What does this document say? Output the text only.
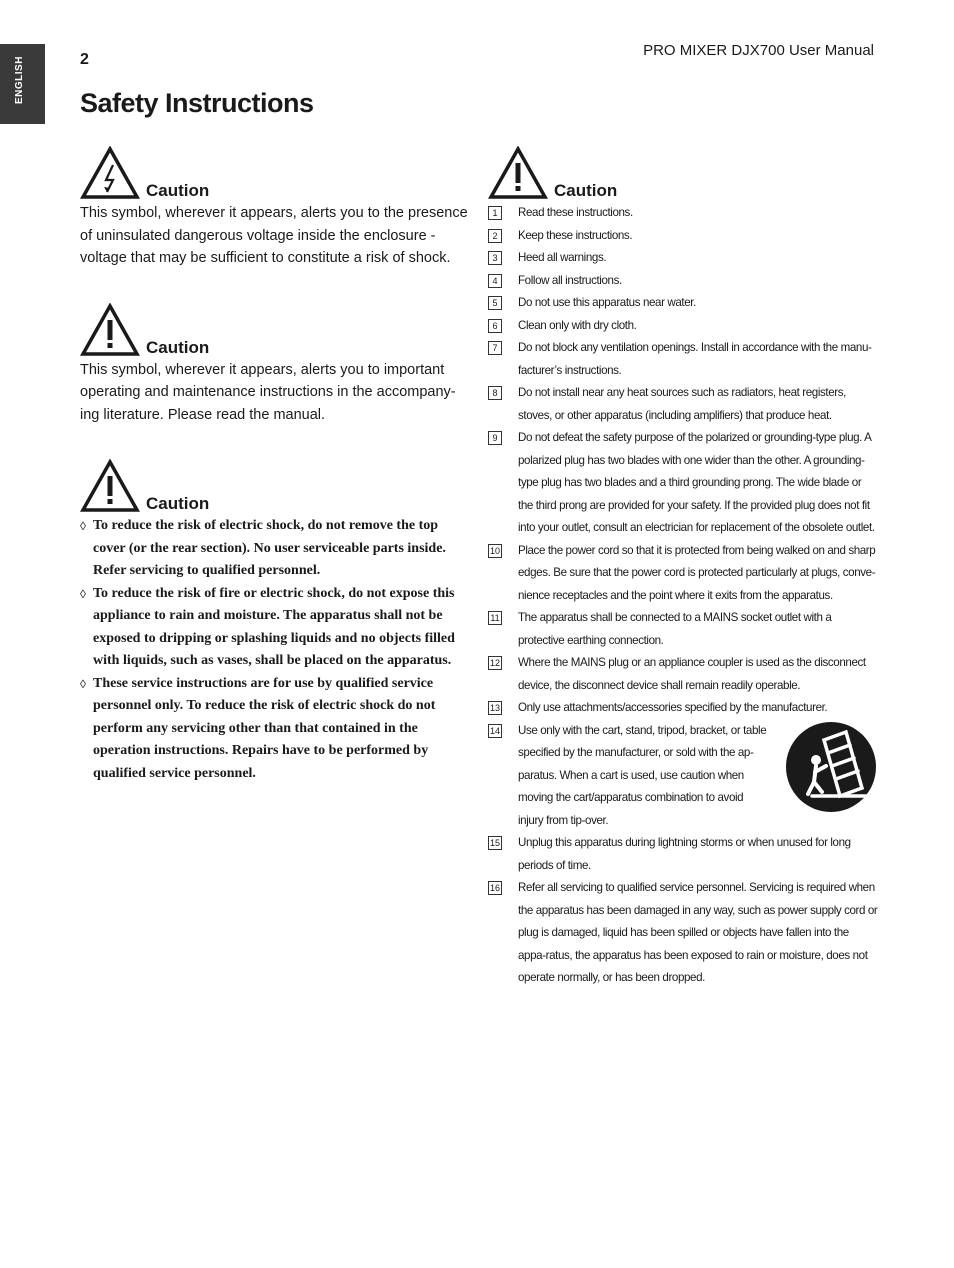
ENGLISH	2
PRO MIXER DJX700 User Manual
Safety Instructions
Caution

This symbol, wherever it appears, alerts you to the presence of uninsulated dangerous voltage inside the enclosure - voltage that may be sufficient to constitute a risk of shock.

Caution

This symbol, wherever it appears, alerts you to important operating and maintenance instructions in the accompany-ing literature. Please read the manual.

Caution
◊ To reduce the risk of electric shock, do not remove the top cover (or the rear section). No user serviceable parts inside. Refer servicing to qualified personnel.
◊ To reduce the risk of fire or electric shock, do not expose this appliance to rain and moisture. The apparatus shall not be exposed to dripping or splashing liquids and no objects filled with liquids, such as vases, shall be placed on the apparatus.
◊ These service instructions are for use by qualified service personnel only. To reduce the risk of electric shock do not perform any servicing other than that contained in the operation instructions. Repairs have to be performed by qualified service personnel.
Caution
1	Read these instructions.
2	Keep these instructions.
3	Heed all warnings.
4	Follow all instructions.
5	Do not use this apparatus near water.
6	Clean only with dry cloth.
7	Do not block any ventilation openings. Install in accordance with the manu-facturer’s instructions.
8	Do not install near any heat sources such as radiators, heat registers, stoves, or other apparatus (including amplifiers) that produce heat.
9	Do not defeat the safety purpose of the polarized or grounding-type plug. A polarized plug has two blades with one wider than the other. A grounding-type plug has two blades and a third grounding prong. The wide blade or the third prong are provided for your safety. If the provided plug does not fit into your outlet, consult an electrician for replacement of the obsolete outlet.
10 Place the power cord so that it is protected from being walked on and sharp edges. Be sure that the power cord is protected particularly at plugs, conve-nience receptacles and the point where it exits from the apparatus.
11 The apparatus shall be connected to a MAINS socket outlet with a protective earthing connection.
12 Where the MAINS plug or an appliance coupler is used as the disconnect device, the disconnect device shall remain readily operable.
13 Only use attachments/accessories specified by the manufacturer.
14 Use only with the cart, stand, tripod, bracket, or table specified by the manufacturer, or sold with the ap-paratus. When a cart is used, use caution when moving the cart/apparatus combination to avoid injury from tip-over.
15 Unplug this apparatus during lightning storms or when unused for long periods of time.
16 Refer all servicing to qualified service personnel. Servicing is required when the apparatus has been damaged in any way, such as power supply cord or plug is damaged, liquid has been spilled or objects have fallen into the appa-ratus, the apparatus has been exposed to rain or moisture, does not operate normally, or has been dropped.
